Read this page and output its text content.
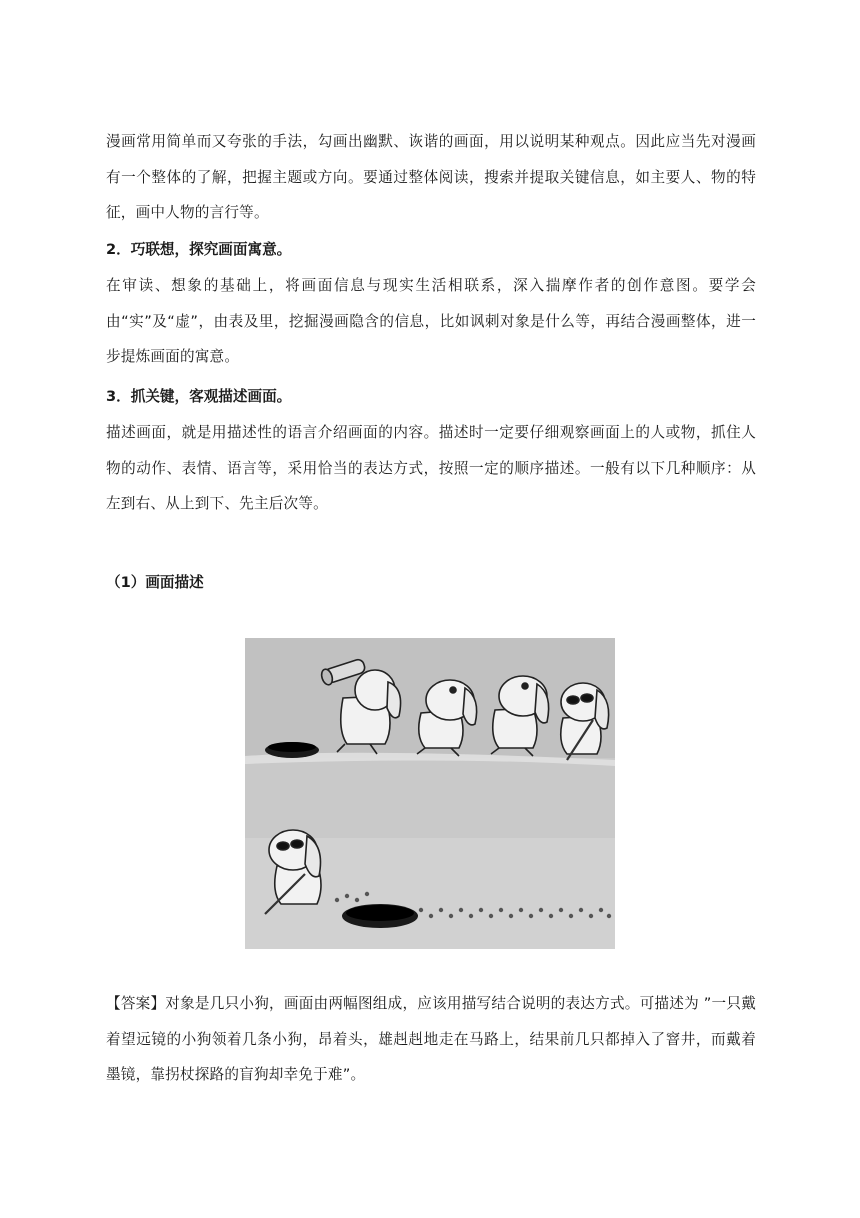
漫画常用简单而又夸张的手法，勾画出幽默、诙谐的画面，用以说明某种观点。因此应当先对漫画有一个整体的了解，把握主题或方向。要通过整体阅读，搜索并提取关键信息，如主要人、物的特征，画中人物的言行等。

2．巧联想，探究画面寓意。

在审读、想象的基础上，将画面信息与现实生活相联系，深入揣摩作者的创作意图。要学会由“实”及“虚”，由表及里，挖掘漫画隐含的信息，比如讽刺对象是什么等，再结合漫画整体，进一步提炼画面的寓意。

3．抓关键，客观描述画面。

描述画面，就是用描述性的语言介绍画面的内容。描述时一定要仔细观察画面上的人或物，抓住人物的动作、表情、语言等，采用恰当的表达方式，按照一定的顺序描述。一般有以下几种顺序：从左到右、从上到下、先主后次等。

（1）画面描述

【答案】对象是几只小狗，画面由两幅图组成，应该用描写结合说明的表达方式。可描述为 ”一只戴着望远镜的小狗领着几条小狗，昂着头，雄赳赳地走在马路上，结果前几只都掉入了窨井，而戴着墨镜，靠拐杖探路的盲狗却幸免于难”。
